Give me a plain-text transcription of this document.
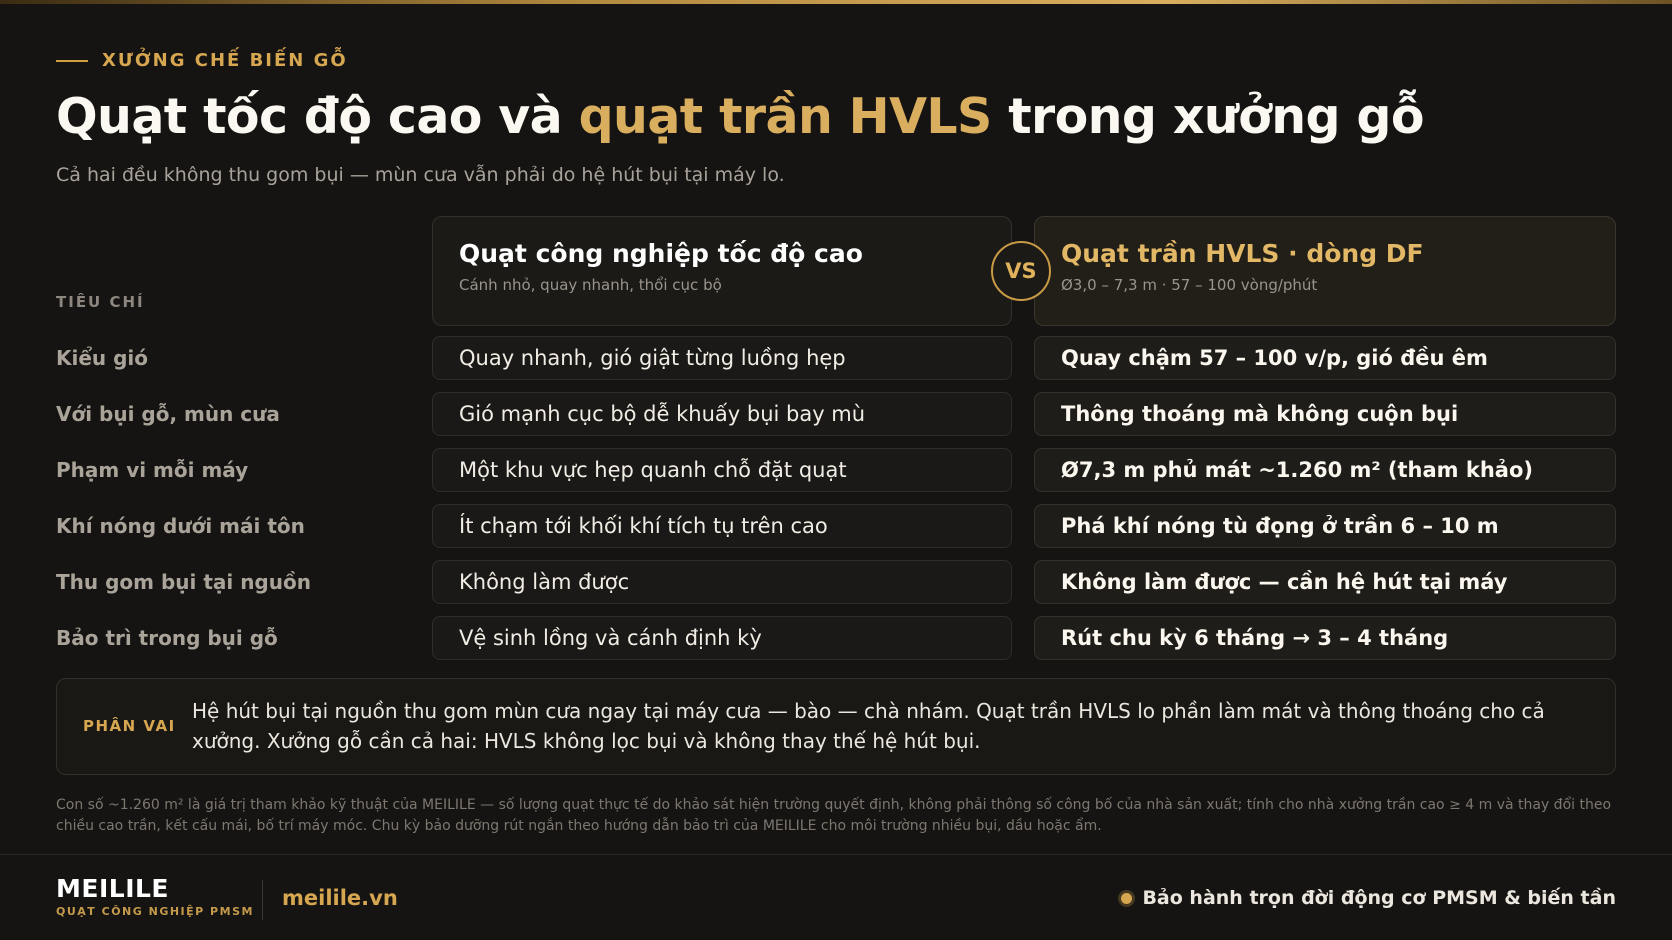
XƯỞNG CHẾ BIẾN GỖ
Quạt tốc độ cao và quạt trần HVLS trong xưởng gỗ
Cả hai đều không thu gom bụi — mùn cưa vẫn phải do hệ hút bụi tại máy lo.
TIÊU CHÍ
Quạt công nghiệp tốc độ cao
Cánh nhỏ, quay nhanh, thổi cục bộ
Quạt trần HVLS · dòng DF
Ø3,0 – 7,3 m · 57 – 100 vòng/phút
VS
Kiểu gió	Quay nhanh, gió giật từng luồng hẹp	Quay chậm 57 – 100 v/p, gió đều êm
Với bụi gỗ, mùn cưa	Gió mạnh cục bộ dễ khuấy bụi bay mù	Thông thoáng mà không cuộn bụi
Phạm vi mỗi máy	Một khu vực hẹp quanh chỗ đặt quạt	Ø7,3 m phủ mát ~1.260 m² (tham khảo)
Khí nóng dưới mái tôn	Ít chạm tới khối khí tích tụ trên cao	Phá khí nóng tù đọng ở trần 6 – 10 m
Thu gom bụi tại nguồn	Không làm được	Không làm được — cần hệ hút tại máy
Bảo trì trong bụi gỗ	Vệ sinh lồng và cánh định kỳ	Rút chu kỳ 6 tháng → 3 – 4 tháng
PHÂN VAI
Hệ hút bụi tại nguồn thu gom mùn cưa ngay tại máy cưa — bào — chà nhám. Quạt trần HVLS lo phần làm mát và thông thoáng cho cả xưởng. Xưởng gỗ cần cả hai: HVLS không lọc bụi và không thay thế hệ hút bụi.
Con số ~1.260 m² là giá trị tham khảo kỹ thuật của MEILILE — số lượng quạt thực tế do khảo sát hiện trường quyết định, không phải thông số công bố của nhà sản xuất; tính cho nhà xưởng trần cao ≥ 4 m và thay đổi theo chiều cao trần, kết cấu mái, bố trí máy móc. Chu kỳ bảo dưỡng rút ngắn theo hướng dẫn bảo trì của MEILILE cho môi trường nhiều bụi, dầu hoặc ẩm.
MEILILE
QUẠT CÔNG NGHIỆP PMSM
meilile.vn	Bảo hành trọn đời động cơ PMSM & biến tần
